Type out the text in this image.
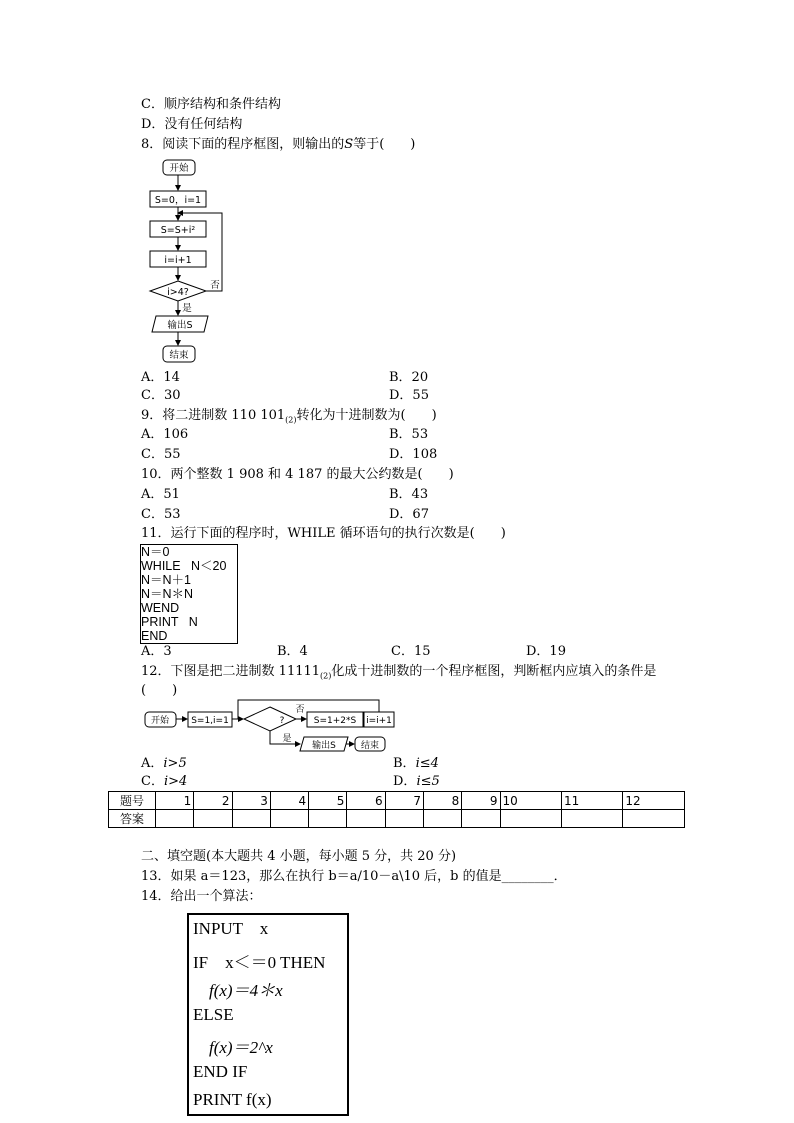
C．顺序结构和条件结构
D．没有任何结构
8．阅读下面的程序框图，则输出的S等于(　　)
开始
S=0，i=1
S=S+i²
i=i+1
i>4?
否
是
输出S
结束
A．14	B．20
C．30	D．55
9．将二进制数 110 $101_{(2)}$转化为十进制数为(　　)
A．106	B．53
C．55	D．108
10．两个整数 1 908 和 4 187 的最大公约数是(　　)
A．51	B．43
C．53	D．67
11．运行下面的程序时，WHILE 循环语句的执行次数是(　　)
N＝0
WHILE   N＜20
N＝N＋1
N＝N＊N
WEND
PRINT   N
END
A．3	B．4	C．15	D．19
12．下图是把二进制数 $11111_{(2)}$化成十进制数的一个程序框图，判断框内应填入的条件是
(　　)
开始 S=1,i=1	?
否
S=1+2*S i=i+1
是
输出S	结束
A．i>5	B．i≤4
C．i>4	D．i≤5
题号	1	2	3	4	5	6	7	8	9	10	11	12
答案												
二、填空题(本大题共 4 小题，每小题 5 分，共 20 分)
13．如果 a＝123，那么在执行 b＝a/10－a\10 后，b 的值是________．
14．给出一个算法：
INPUT    x
IF    x＜＝0 THEN
f(x)＝4＊x
ELSE
f(x)＝2^x
END IF
PRINT f(x)
